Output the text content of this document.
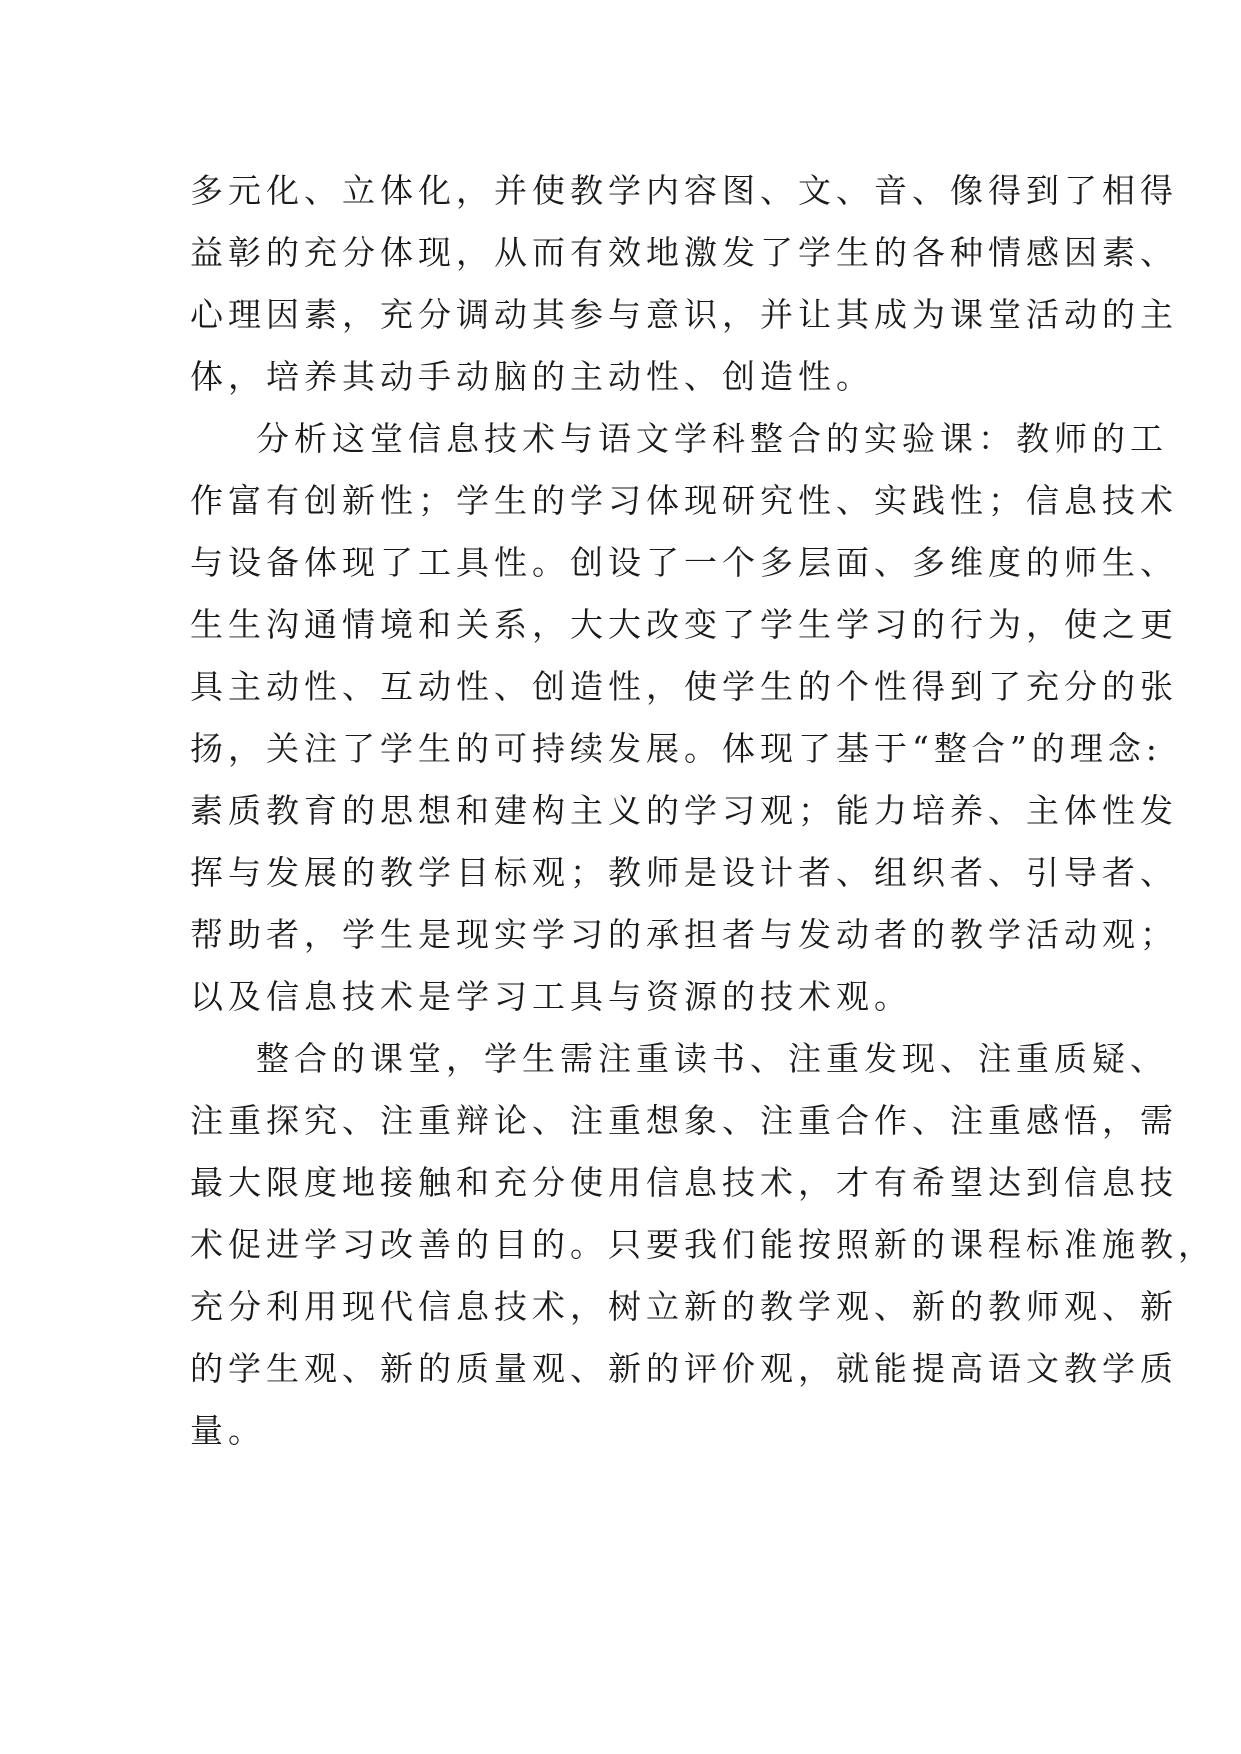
多元化、立体化，并使教学内容图、文、音、像得到了相得
益彰的充分体现，从而有效地激发了学生的各种情感因素、
心理因素，充分调动其参与意识，并让其成为课堂活动的主
体，培养其动手动脑的主动性、创造性。
分析这堂信息技术与语文学科整合的实验课：教师的工
作富有创新性；学生的学习体现研究性、实践性；信息技术
与设备体现了工具性。创设了一个多层面、多维度的师生、
生生沟通情境和关系，大大改变了学生学习的行为，使之更
具主动性、互动性、创造性，使学生的个性得到了充分的张
扬，关注了学生的可持续发展。体现了基于“整合”的理念:
素质教育的思想和建构主义的学习观；能力培养、主体性发
挥与发展的教学目标观；教师是设计者、组织者、引导者、
帮助者，学生是现实学习的承担者与发动者的教学活动观；
以及信息技术是学习工具与资源的技术观。
整合的课堂，学生需注重读书、注重发现、注重质疑、
注重探究、注重辩论、注重想象、注重合作、注重感悟，需
最大限度地接触和充分使用信息技术，才有希望达到信息技
术促进学习改善的目的。只要我们能按照新的课程标准施教，
充分利用现代信息技术，树立新的教学观、新的教师观、新
的学生观、新的质量观、新的评价观，就能提高语文教学质
量。
